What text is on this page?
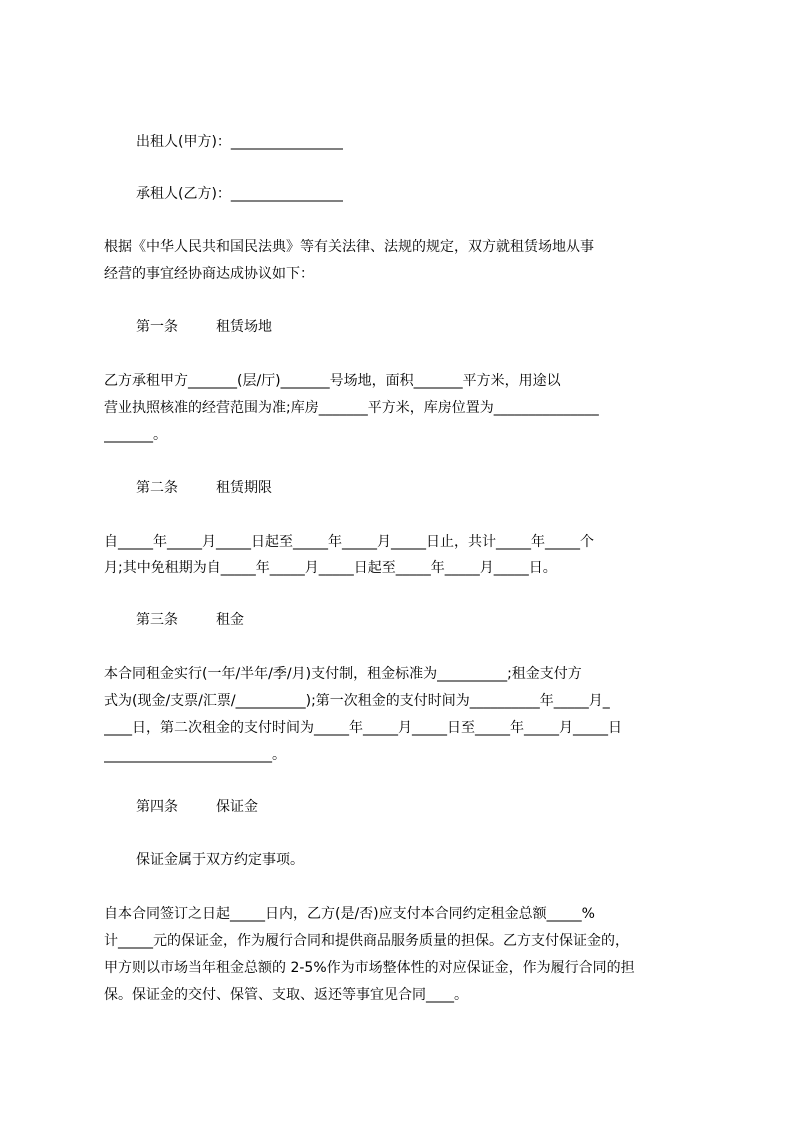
出租人(甲方)：________________
承租人(乙方)：________________
根据《中华人民共和国民法典》等有关法律、法规的规定，双方就租赁场地从事
经营的事宜经协商达成协议如下：
第一条	租赁场地
乙方承租甲方_______(层/厅)_______号场地，面积_______平方米，用途以
营业执照核准的经营范围为准;库房_______平方米，库房位置为_______________
_______。
第二条	租赁期限
自_____年_____月_____日起至_____年_____月_____日止，共计_____年_____个
月;其中免租期为自_____年_____月_____日起至_____年_____月_____日。
第三条	租金
本合同租金实行(一年/半年/季/月)支付制，租金标准为__________;租金支付方
式为(现金/支票/汇票/__________);第一次租金的支付时间为__________年_____月_
____日，第二次租金的支付时间为_____年_____月_____日至_____年_____月_____日
________________________。
第四条	保证金
保证金属于双方约定事项。
自本合同签订之日起_____日内，乙方(是/否)应支付本合同约定租金总额_____%
计_____元的保证金，作为履行合同和提供商品服务质量的担保。乙方支付保证金的，
甲方则以市场当年租金总额的 2-5%作为市场整体性的对应保证金，作为履行合同的担
保。保证金的交付、保管、支取、返还等事宜见合同____。
